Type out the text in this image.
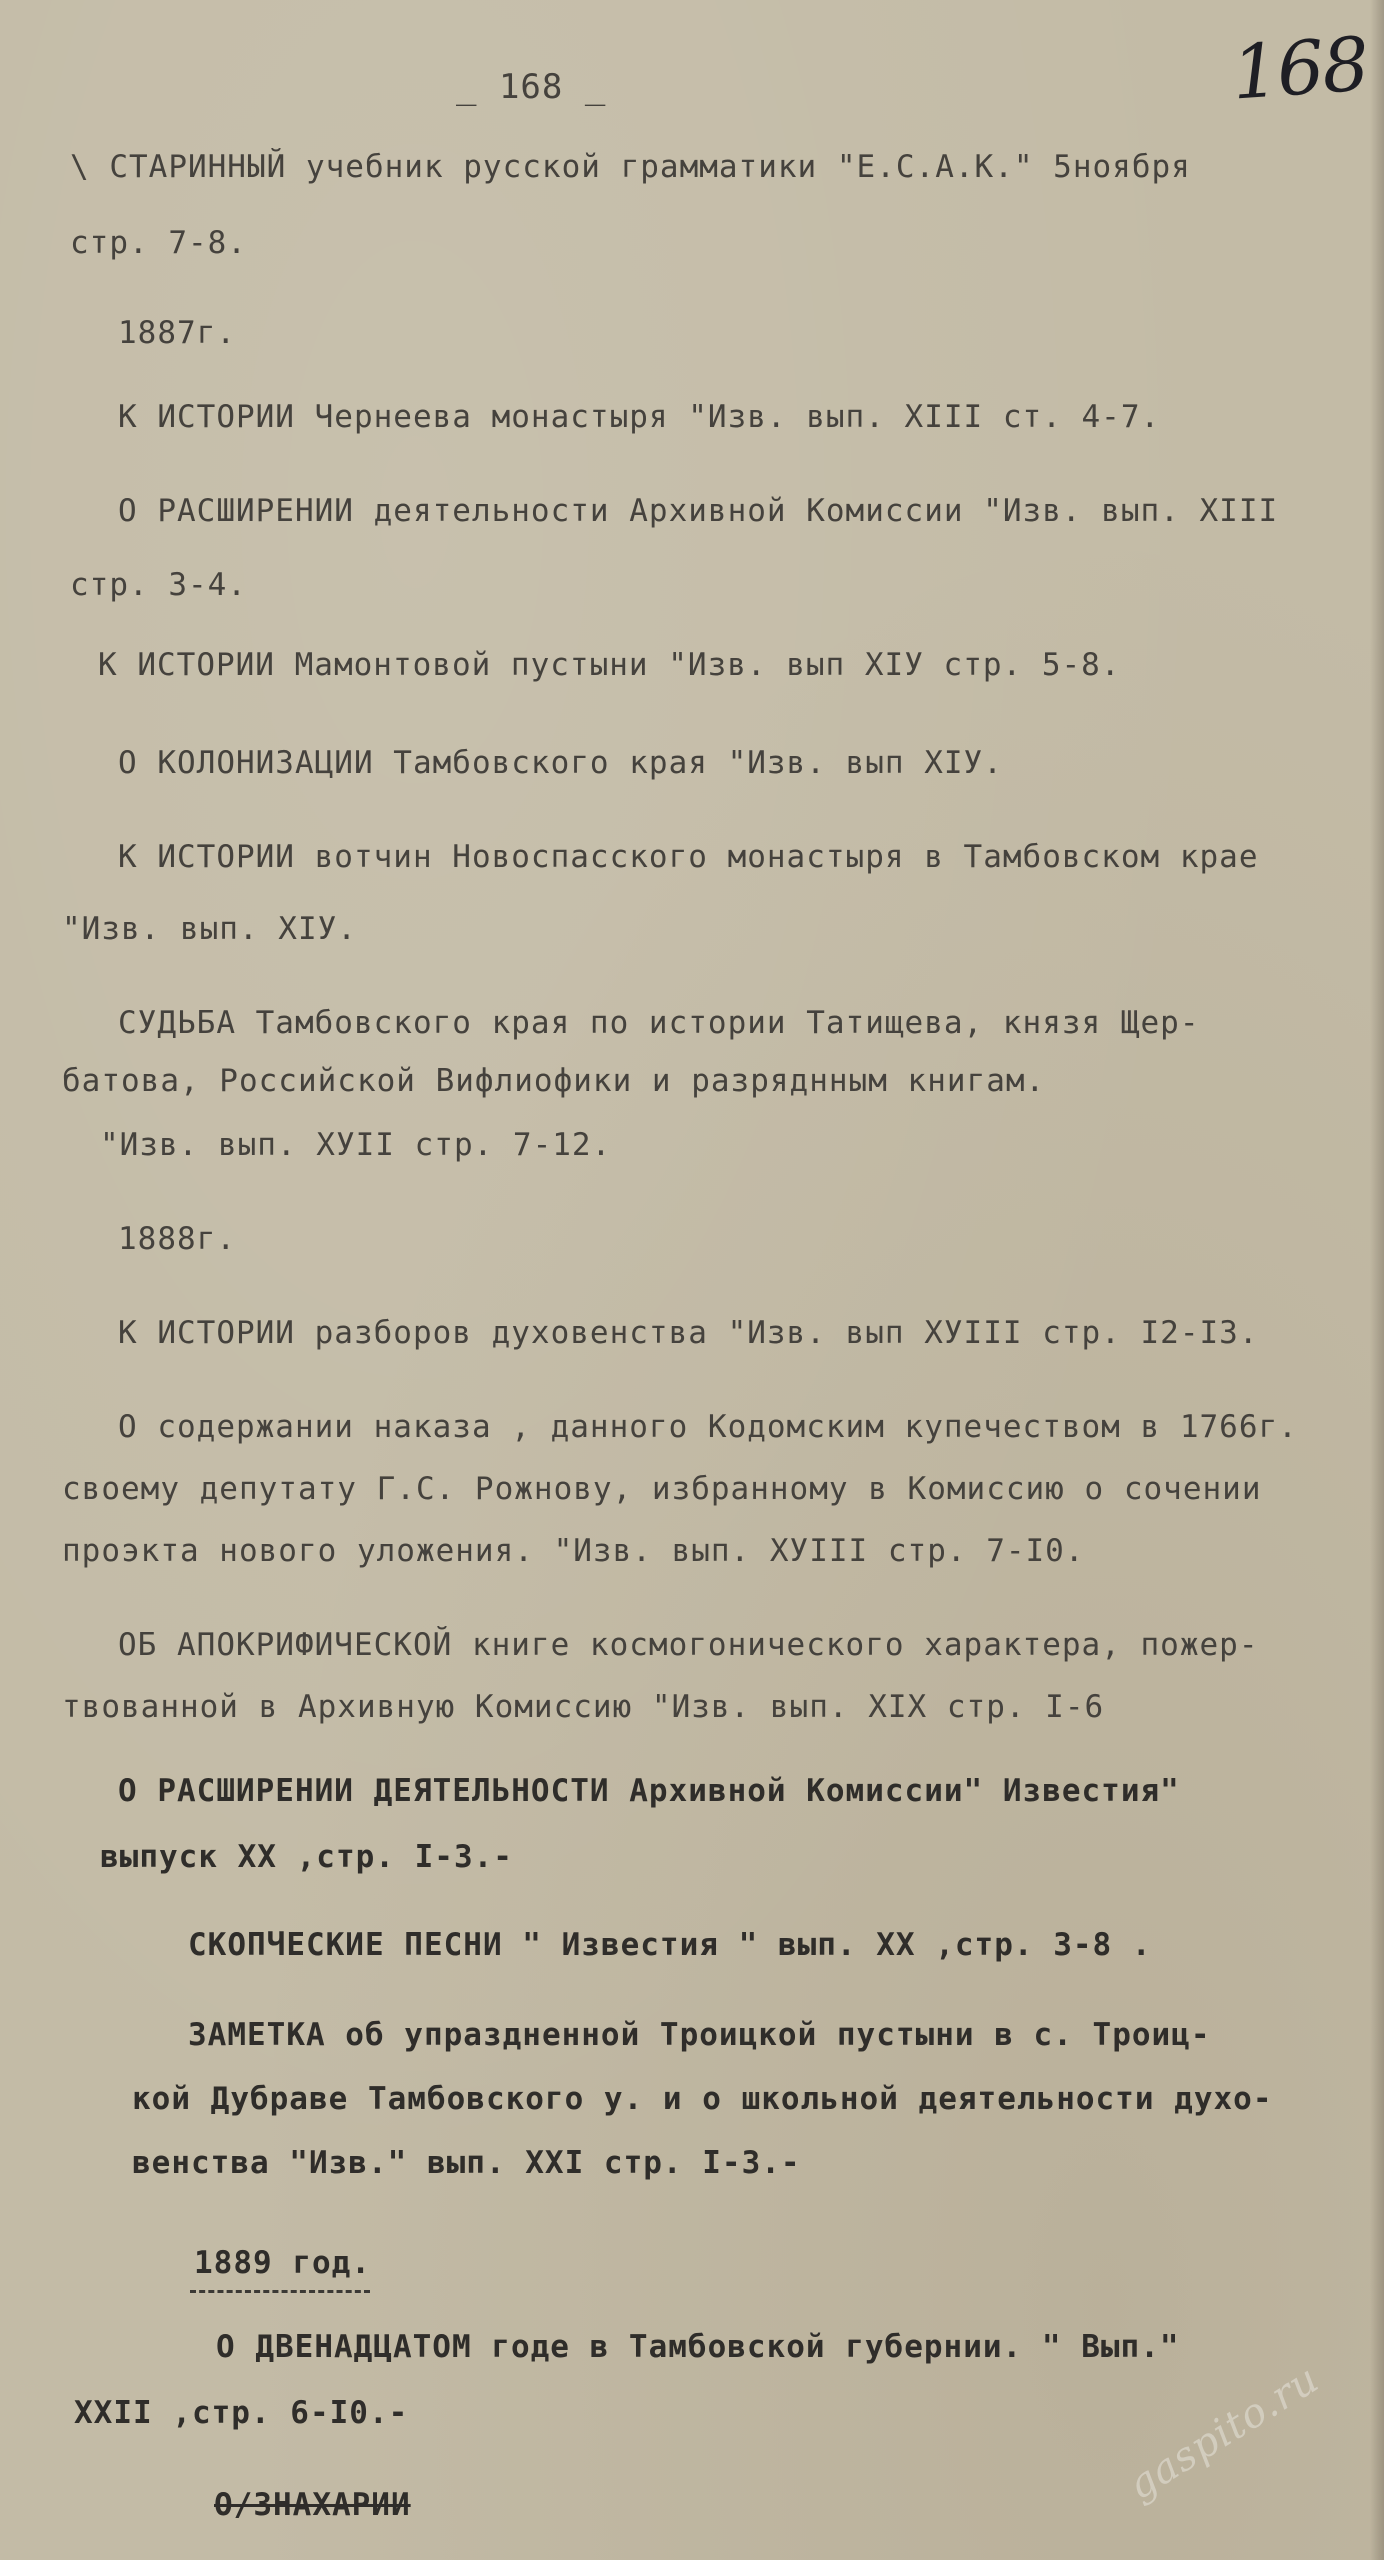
_ 168 _	168
\ СТАРИННЫЙ учебник русской грамматики "Е.С.А.К." 5ноября
стр. 7-8.
1887г.
К ИСТОРИИ Чернеева монастыря "Изв. вып. XIII ст. 4-7.
О РАСШИРЕНИИ деятельности Архивной Комиссии "Изв. вып. XIII
стр. 3-4.
К ИСТОРИИ Мамонтовой пустыни "Изв. вып XIУ стр. 5-8.
О КОЛОНИЗАЦИИ Тамбовского края "Изв. вып XIУ.
К ИСТОРИИ вотчин Новоспасского монастыря в Тамбовском крае
"Изв. вып. XIУ.
СУДЬБА Тамбовского края по истории Татищева, князя Щер-
батова, Российской Вифлиофики и разряднным книгам.
"Изв. вып. ХУII стр. 7-12.
1888г.
К ИСТОРИИ разборов духовенства "Изв. вып ХУIII стр. I2-I3.
О содержании наказа , данного Кодомским купечеством в 1766г.
своему депутату Г.С. Рожнову, избранному в Комиссию о сочении
проэкта нового уложения. "Изв. вып. ХУIII стр. 7-I0.
ОБ АПОКРИФИЧЕСКОЙ книге космогонического характера, пожер-
твованной в Архивную Комиссию "Изв. вып. XIX стр. I-6
О РАСШИРЕНИИ ДЕЯТЕЛЬНОСТИ Архивной Комиссии" Известия"
выпуск XX ,стр. I-3.-
СКОПЧЕСКИЕ ПЕСНИ " Известия " вып. XX ,стр. 3-8 .
ЗАМЕТКА об упраздненной Троицкой пустыни в с. Троиц-
кой Дубраве Тамбовского у. и о школьной деятельности духо-
венства "Изв." вып. XXI стр. I-3.-
1889 год.
О ДВЕНАДЦАТОМ годе в Тамбовской губернии. " Вып."
XXII ,стр. 6-I0.-
О/ЗНАХАРИИ	gaspito.ru
